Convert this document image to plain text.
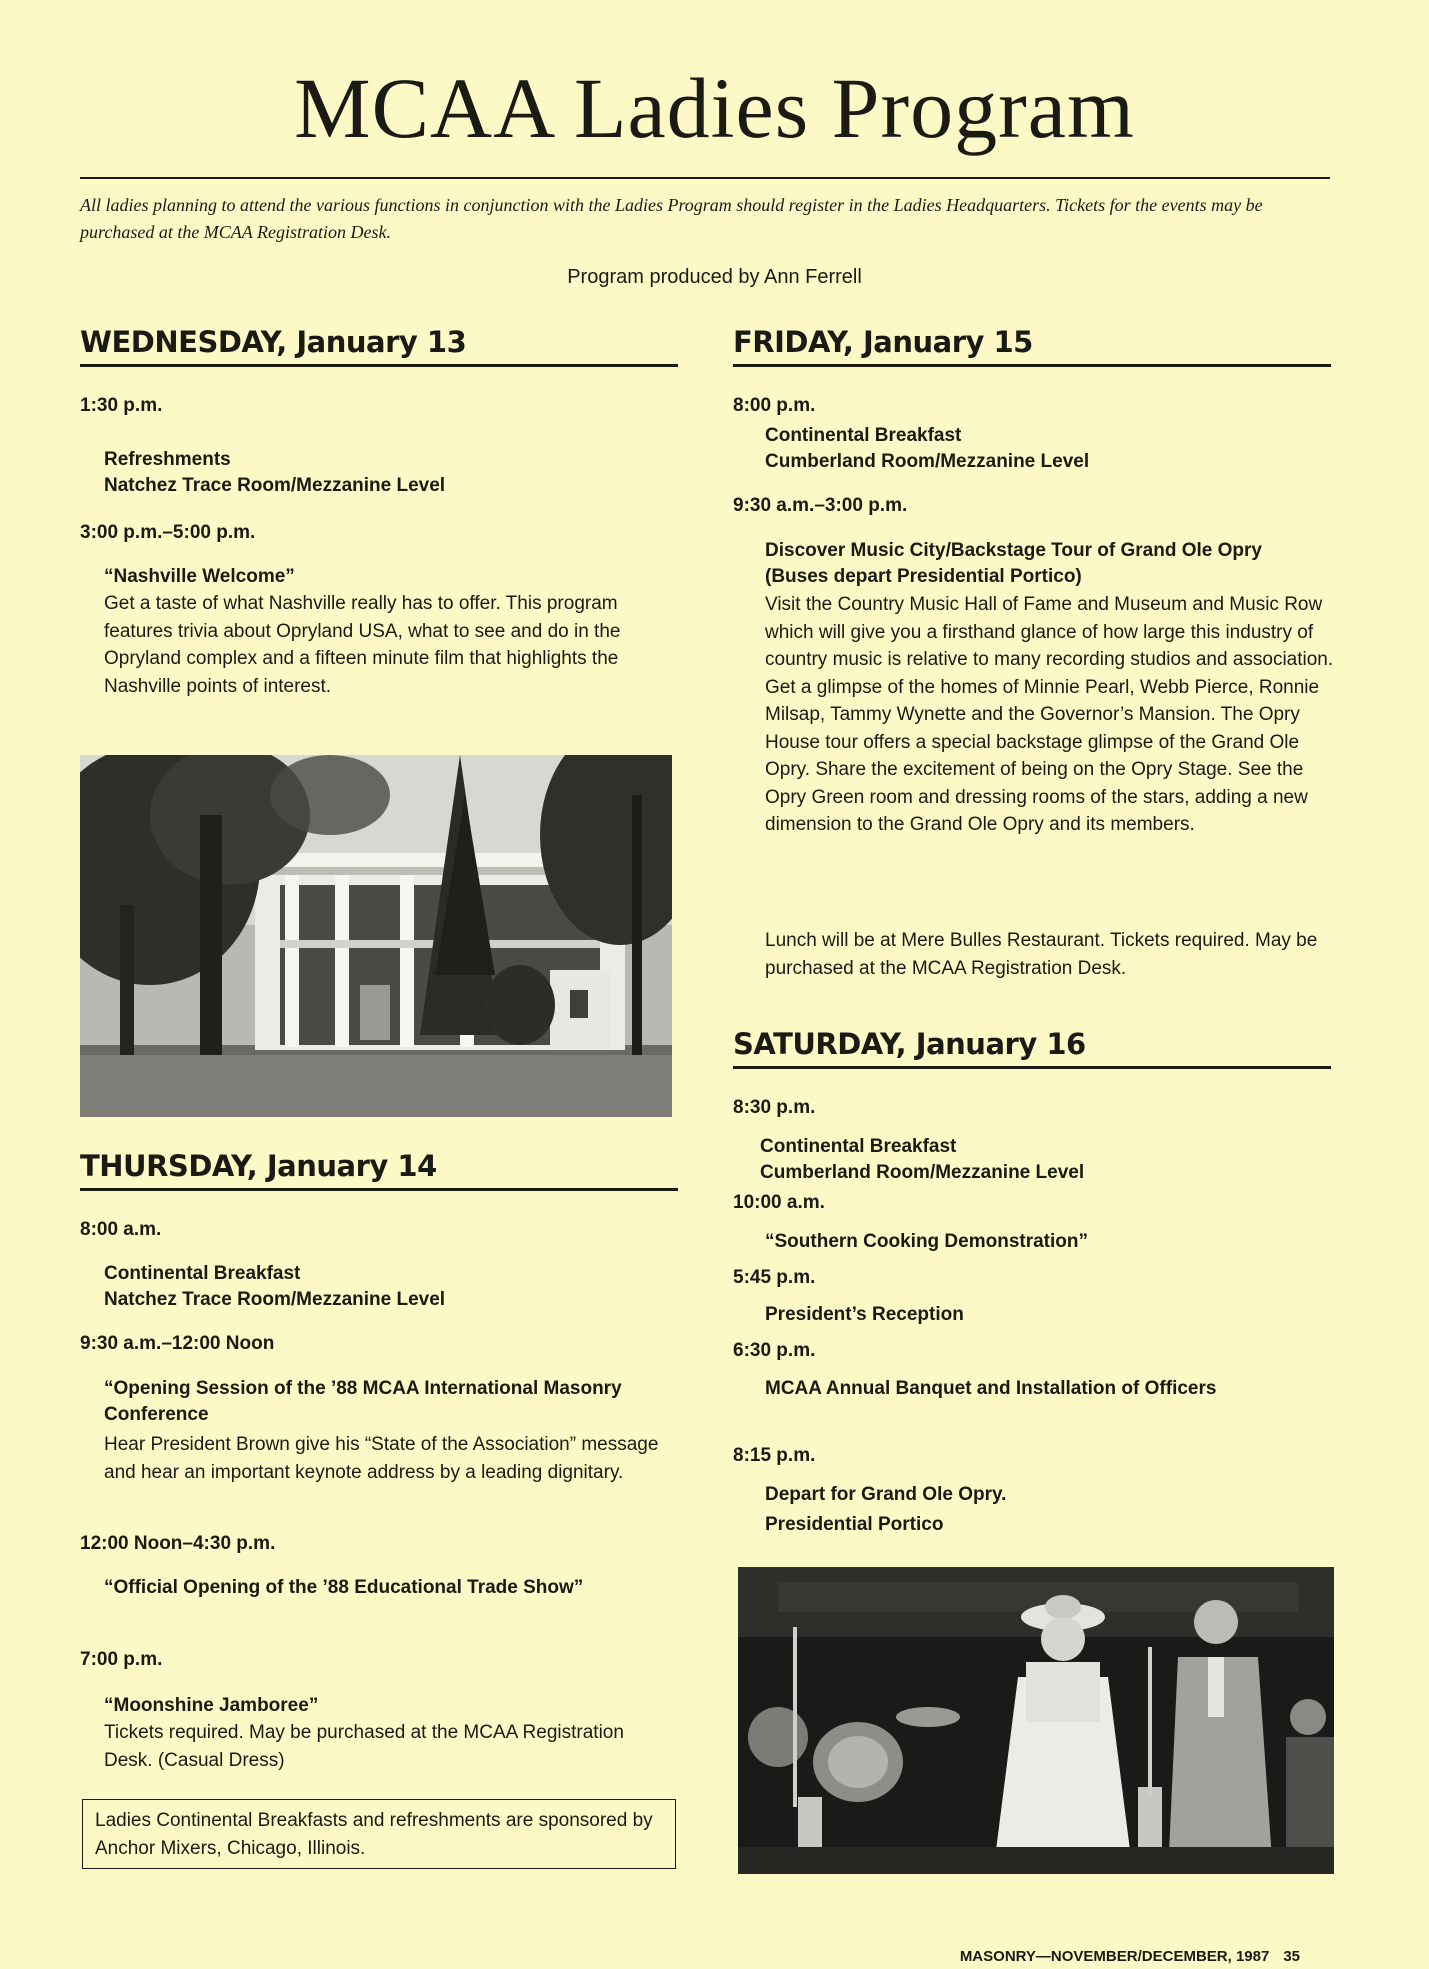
MCAA Ladies Program

All ladies planning to attend the various functions in conjunction with the Ladies Program should register in the Ladies Headquarters. Tickets for the events may be purchased at the MCAA Registration Desk.

Program produced by Ann Ferrell

WEDNESDAY, January 13

1:30 p.m.

Refreshments

Natchez Trace Room/Mezzanine Level

3:00 p.m.–5:00 p.m.

“Nashville Welcome”

Get a taste of what Nashville really has to offer. This program features trivia about Opryland USA, what to see and do in the Opryland complex and a fifteen minute film that highlights the Nashville points of interest.

THURSDAY, January 14

8:00 a.m.

Continental Breakfast

Natchez Trace Room/Mezzanine Level

9:30 a.m.–12:00 Noon

“Opening Session of the ’88 MCAA International Masonry Conference

Hear President Brown give his “State of the Association” message and hear an important keynote address by a leading dignitary.

12:00 Noon–4:30 p.m.

“Official Opening of the ’88 Educational Trade Show”

7:00 p.m.

“Moonshine Jamboree”

Tickets required. May be purchased at the MCAA Registration Desk. (Casual Dress)

Ladies Continental Breakfasts and refreshments are sponsored by Anchor Mixers, Chicago, Illinois.

FRIDAY, January 15

8:00 p.m.

Continental Breakfast

Cumberland Room/Mezzanine Level

9:30 a.m.–3:00 p.m.

Discover Music City/Backstage Tour of Grand Ole Opry (Buses depart Presidential Portico)

Visit the Country Music Hall of Fame and Museum and Music Row which will give you a firsthand glance of how large this industry of country music is relative to many recording studios and association. Get a glimpse of the homes of Minnie Pearl, Webb Pierce, Ronnie Milsap, Tammy Wynette and the Governor’s Mansion. The Opry House tour offers a special backstage glimpse of the Grand Ole Opry. Share the excitement of being on the Opry Stage. See the Opry Green room and dressing rooms of the stars, adding a new dimension to the Grand Ole Opry and its members.

Lunch will be at Mere Bulles Restaurant. Tickets required. May be purchased at the MCAA Registration Desk.

SATURDAY, January 16

8:30 p.m.

Continental Breakfast

Cumberland Room/Mezzanine Level

10:00 a.m.

“Southern Cooking Demonstration”

5:45 p.m.

President’s Reception

6:30 p.m.

MCAA Annual Banquet and Installation of Officers

8:15 p.m.

Depart for Grand Ole Opry.

Presidential Portico

MASONRY—NOVEMBER/DECEMBER, 1987 35
